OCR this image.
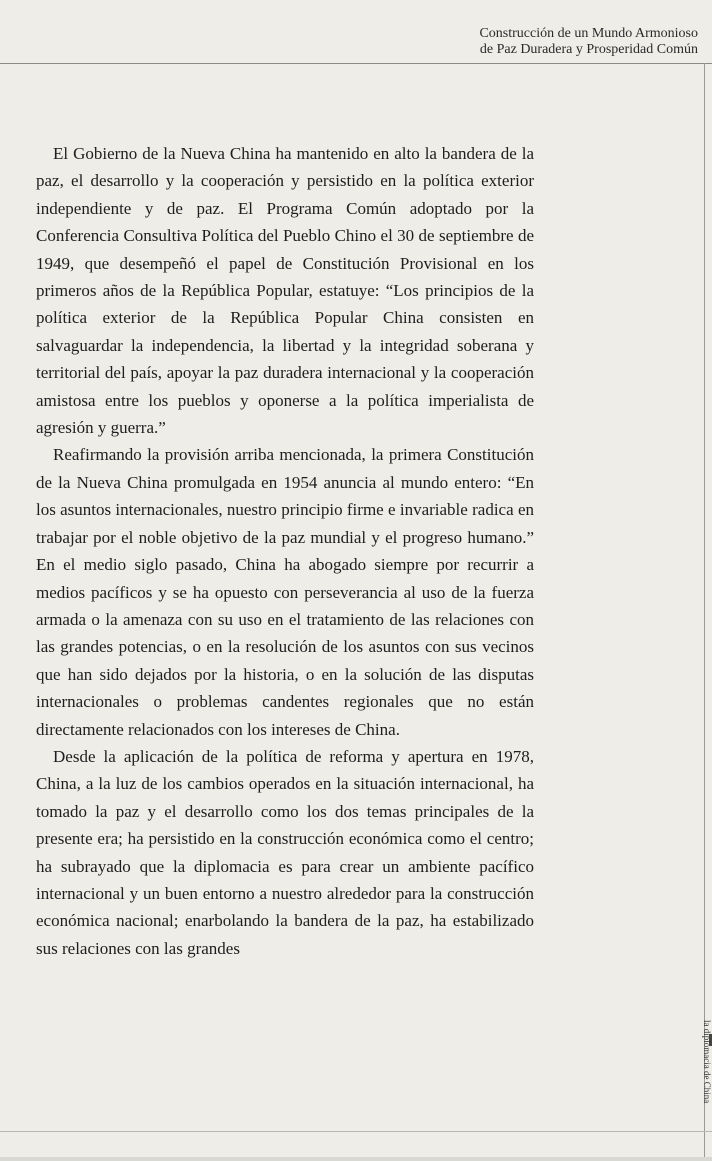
Construcción de un Mundo Armonioso
de Paz Duradera y Prosperidad Común
la diplomacia de China

El Gobierno de la Nueva China ha mantenido en alto la bandera de la paz, el desarrollo y la cooperación y persistido en la política exterior independiente y de paz. El Programa Común adoptado por la Conferencia Consultiva Política del Pueblo Chino el 30 de septiembre de 1949, que desempeñó el papel de Constitución Provisional en los primeros años de la República Popular, estatuye: “Los principios de la política exterior de la República Popular China consisten en salvaguardar la independencia, la libertad y la integridad soberana y territorial del país, apoyar la paz duradera internacional y la cooperación amistosa entre los pueblos y oponerse a la política imperialista de agresión y guerra.”

Reafirmando la provisión arriba mencionada, la primera Constitución de la Nueva China promulgada en 1954 anuncia al mundo entero: “En los asuntos internacionales, nuestro principio firme e invariable radica en trabajar por el noble objetivo de la paz mundial y el progreso humano.” En el medio siglo pasado, China ha abogado siempre por recurrir a medios pacíficos y se ha opuesto con perseverancia al uso de la fuerza armada o la amenaza con su uso en el tratamiento de las relaciones con las grandes potencias, o en la resolución de los asuntos con sus vecinos que han sido dejados por la historia, o en la solución de las disputas internacionales o problemas candentes regionales que no están directamente relacionados con los intereses de China.

Desde la aplicación de la política de reforma y apertura en 1978, China, a la luz de los cambios operados en la situación internacional, ha tomado la paz y el desarrollo como los dos temas principales de la presente era; ha persistido en la construcción económica como el centro; ha subrayado que la diplomacia es para crear un ambiente pacífico internacional y un buen entorno a nuestro alrededor para la construcción económica nacional; enarbolando la bandera de la paz, ha estabilizado sus relaciones con las grandes
